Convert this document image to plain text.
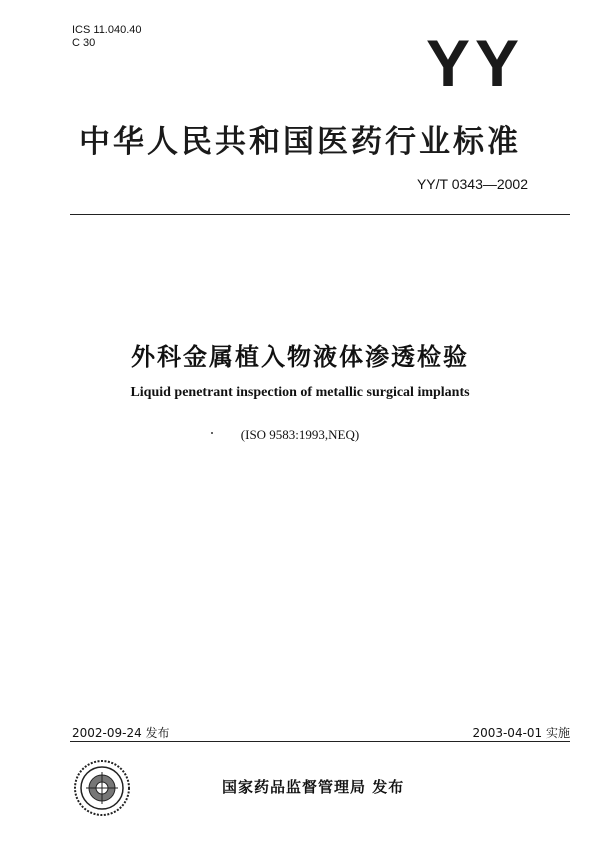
ICS 11.040.40
C 30	YY
中华人民共和国医药行业标准
YY/T 0343—2002
外科金属植入物液体渗透检验
Liquid penetrant inspection of metallic surgical implants
(ISO 9583:1993,NEQ)
2002-09-24 发布	2003-04-01 实施
国家药品监督管理局 发布
